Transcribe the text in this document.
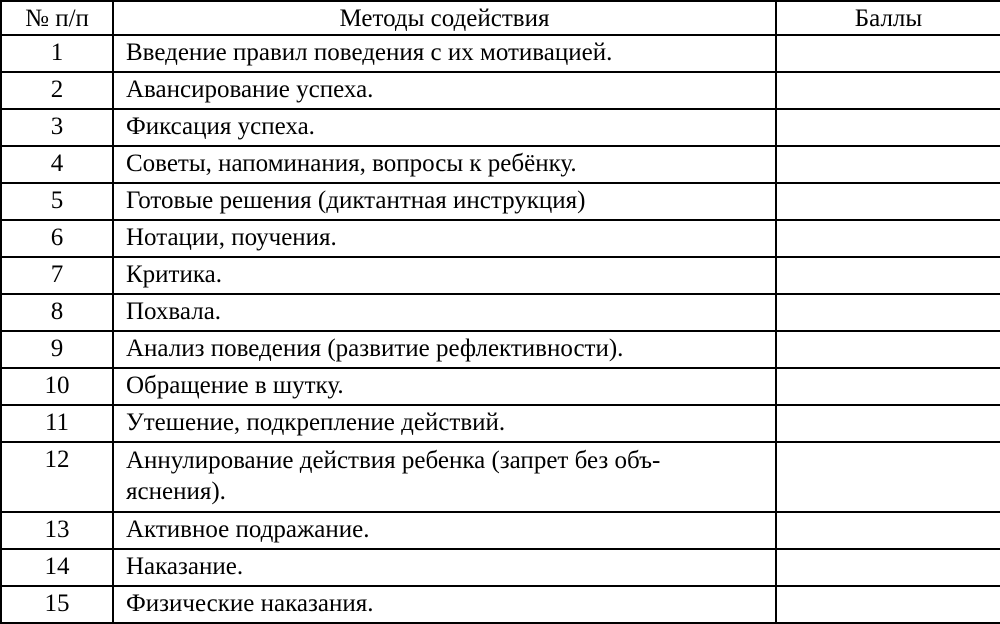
№ п/п	Методы содействия	Баллы
1	Введение правил поведения с их мотивацией.	
2	Авансирование успеха.	
3	Фиксация успеха.	
4	Советы, напоминания, вопросы к ребёнку.	
5	Готовые решения (диктантная инструкция)	
6	Нотации, поучения.	
7	Критика.	
8	Похвала.	
9	Анализ поведения (развитие рефлективности).	
10	Обращение в шутку.	
11	Утешение, подкрепление действий.	
12	Аннулирование действия ребенка (запрет без объ-
яснения).	

13	Активное подражание.	
14	Наказание.	
15	Физические наказания.	
